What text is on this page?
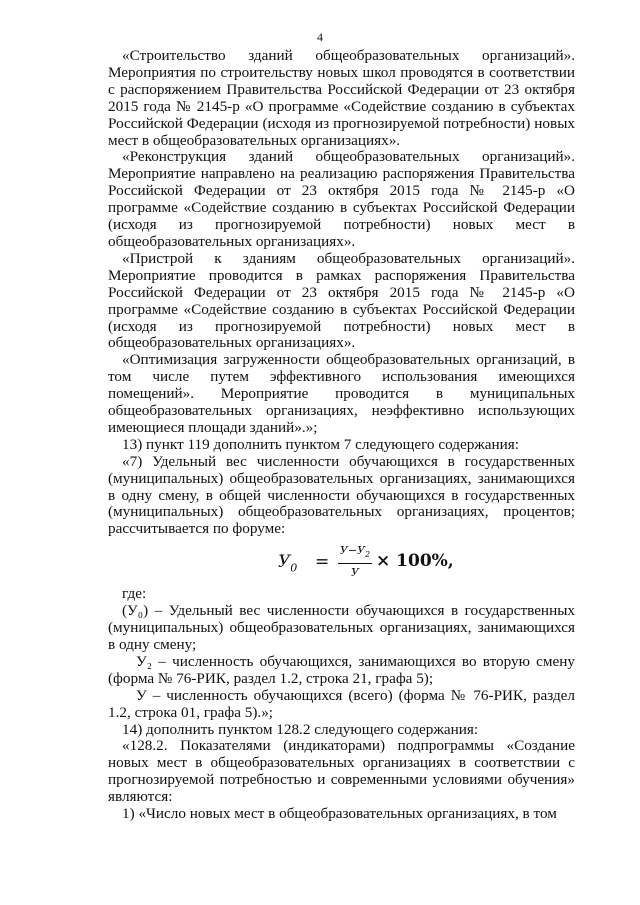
4

«Строительство зданий общеобразовательных организаций». Мероприятия по строительству новых школ проводятся в соответствии с распоряжением Правительства Российской Федерации от 23 октября 2015 года № 2145-р «О программе «Содействие созданию в субъектах Российской Федерации (исходя из прогнозируемой потребности) новых мест в общеобразовательных организациях».

«Реконструкция зданий общеобразовательных организаций». Мероприятие направлено на реализацию распоряжения Правительства Российской Федерации от 23 октября 2015 года № 2145-р «О программе «Содействие созданию в субъектах Российской Федерации (исходя из прогнозируемой потребности) новых мест в общеобразовательных организациях».

«Пристрой к зданиям общеобразовательных организаций». Мероприятие проводится в рамках распоряжения Правительства Российской Федерации от 23 октября 2015 года № 2145-р «О программе «Содействие созданию в субъектах Российской Федерации (исходя из прогнозируемой потребности) новых мест в общеобразовательных организациях».

«Оптимизация загруженности общеобразовательных организаций, в том числе путем эффективного использования имеющихся помещений». Мероприятие проводится в муниципальных общеобразовательных организациях, неэффективно использующих имеющиеся площади зданий».»;

13) пункт 119 дополнить пунктом 7 следующего содержания:

«7) Удельный вес численности обучающихся в государственных (муниципальных) общеобразовательных организациях, занимающихся в одну смену, в общей численности обучающихся в государственных (муниципальных) общеобразовательных организациях, процентов; рассчитывается по форуме:

$У_0$ =
$У-У_2$
У
× 100%,

где:

(У₀) – Удельный вес численности обучающихся в государственных (муниципальных) общеобразовательных организациях, занимающихся в одну смену;

У₂ – численность обучающихся, занимающихся во вторую смену (форма № 76-РИК, раздел 1.2, строка 21, графа 5);

У – численность обучающихся (всего) (форма № 76-РИК, раздел 1.2, строка 01, графа 5).»;

14) дополнить пунктом 128.2 следующего содержания:

«128.2. Показателями (индикаторами) подпрограммы «Создание новых мест в общеобразовательных организациях в соответствии с прогнозируемой потребностью и современными условиями обучения» являются:

1) «Число новых мест в общеобразовательных организациях, в том
